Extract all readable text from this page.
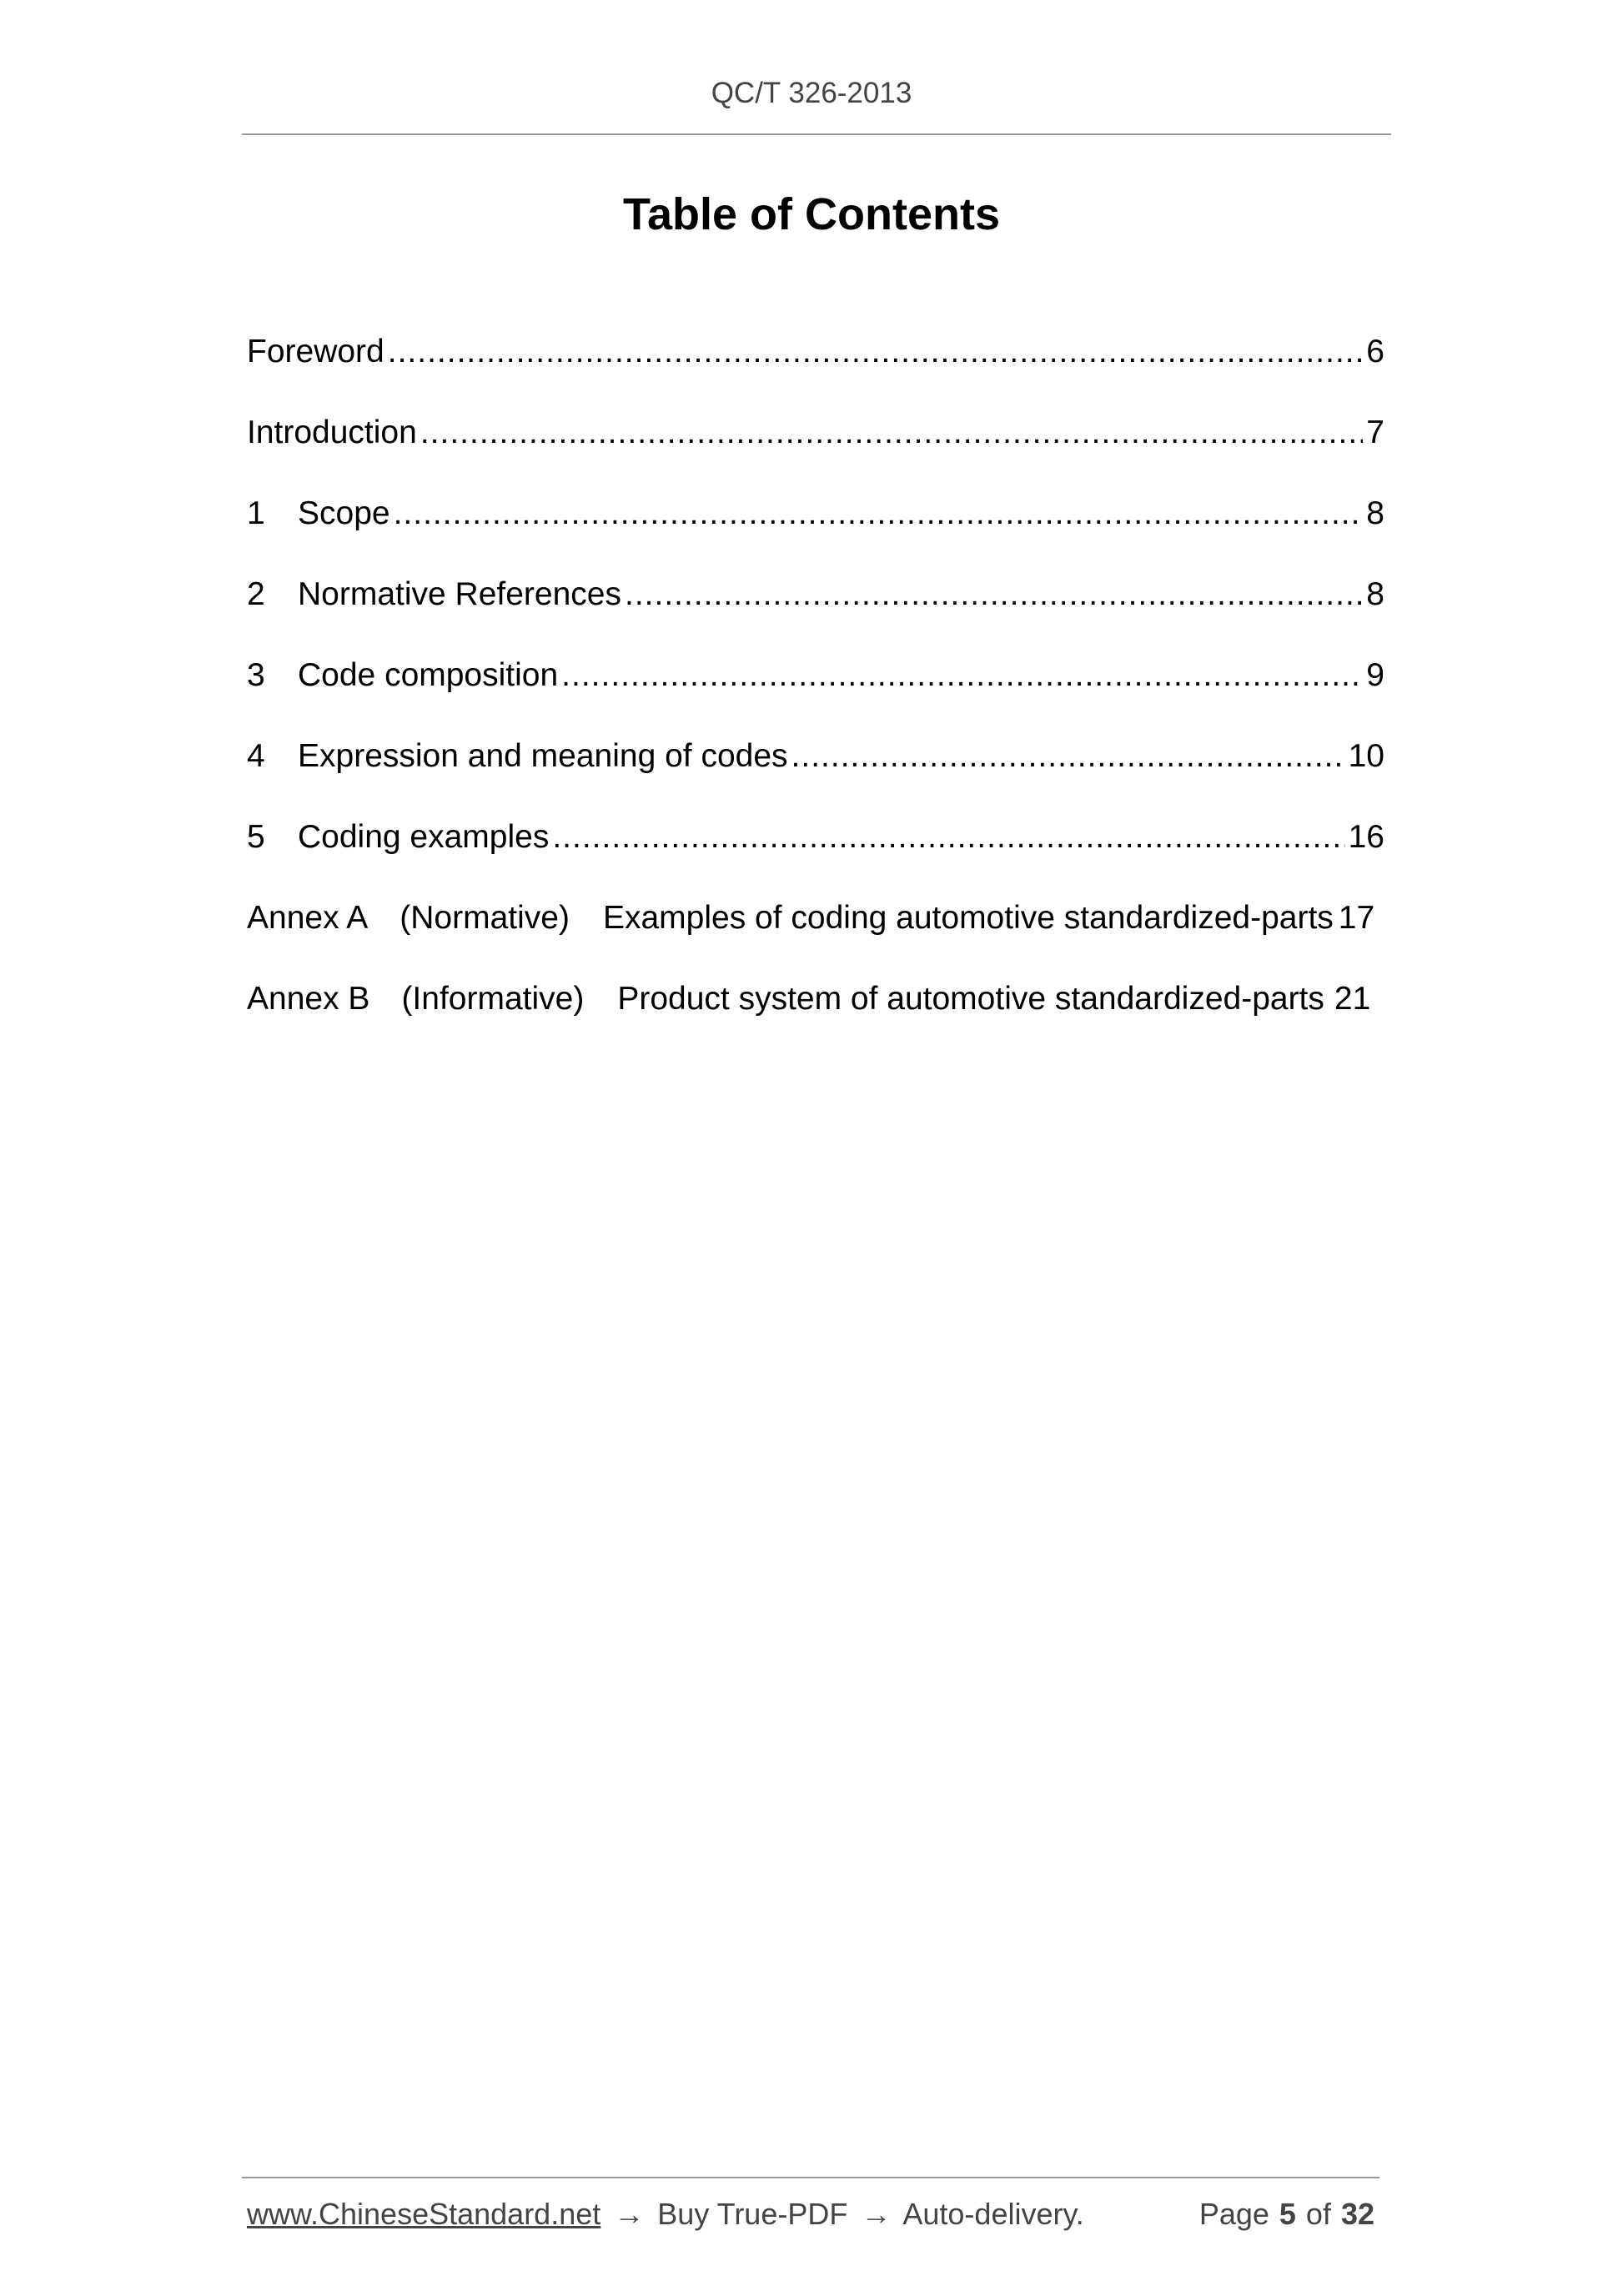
QC/T 326-2013
Table of Contents
Foreword .....	6
Introduction .....	7
1	Scope .....	8
2	Normative References .....	8
3	Code composition .....	9
4	Expression and meaning of codes .....	10
5	Coding examples .....	16
Annex A (Normative) Examples of coding automotive standardized-parts 17
Annex B (Informative) Product system of automotive standardized-parts 21
www.ChineseStandard.net → Buy True-PDF → Auto-delivery.	Page 5 of 32
